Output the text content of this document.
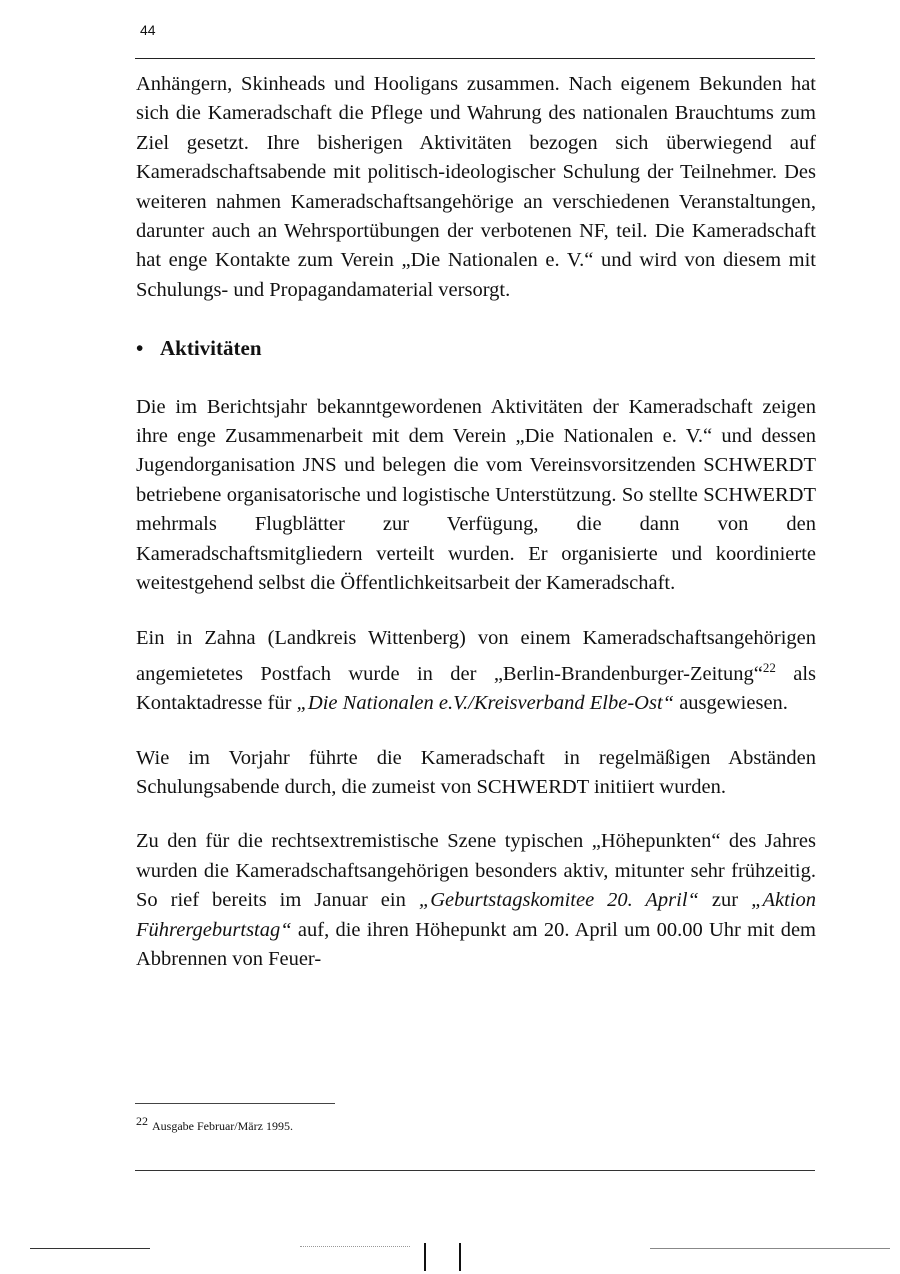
44

Anhängern, Skinheads und Hooligans zusammen. Nach eigenem Bekunden hat sich die Kameradschaft die Pflege und Wahrung des nationalen Brauchtums zum Ziel gesetzt. Ihre bisherigen Aktivitäten bezogen sich überwiegend auf Kameradschaftsabende mit politisch-ideologischer Schulung der Teilnehmer. Des weiteren nahmen Kameradschaftsangehörige an verschiedenen Veranstaltungen, darunter auch an Wehrsportübungen der verbotenen NF, teil. Die Kameradschaft hat enge Kontakte zum Verein „Die Nationalen e. V.“ und wird von diesem mit Schulungs- und Propagandamaterial versorgt.

• Aktivitäten

Die im Berichtsjahr bekanntgewordenen Aktivitäten der Kameradschaft zeigen ihre enge Zusammenarbeit mit dem Verein „Die Nationalen e. V.“ und dessen Jugendorganisation JNS und belegen die vom Vereinsvorsitzenden SCHWERDT betriebene organisatorische und logistische Unterstützung. So stellte SCHWERDT mehrmals Flugblätter zur Verfügung, die dann von den Kameradschaftsmitgliedern verteilt wurden. Er organisierte und koordinierte weitestgehend selbst die Öffentlichkeitsarbeit der Kameradschaft.

Ein in Zahna (Landkreis Wittenberg) von einem Kameradschaftsangehörigen angemietetes Postfach wurde in der „Berlin-Brandenburger-Zeitung“$^{22}$ als Kontaktadresse für „Die Nationalen e.V./Kreisverband Elbe-Ost“ ausgewiesen.

Wie im Vorjahr führte die Kameradschaft in regelmäßigen Abständen Schulungsabende durch, die zumeist von SCHWERDT initiiert wurden.

Zu den für die rechtsextremistische Szene typischen „Höhepunkten“ des Jahres wurden die Kameradschaftsangehörigen besonders aktiv, mitunter sehr frühzeitig. So rief bereits im Januar ein „Geburtstagskomitee 20. April“ zur „Aktion Führergeburtstag“ auf, die ihren Höhepunkt am 20. April um 00.00 Uhr mit dem Abbrennen von Feuer-

$^{22}$ Ausgabe Februar/März 1995.
